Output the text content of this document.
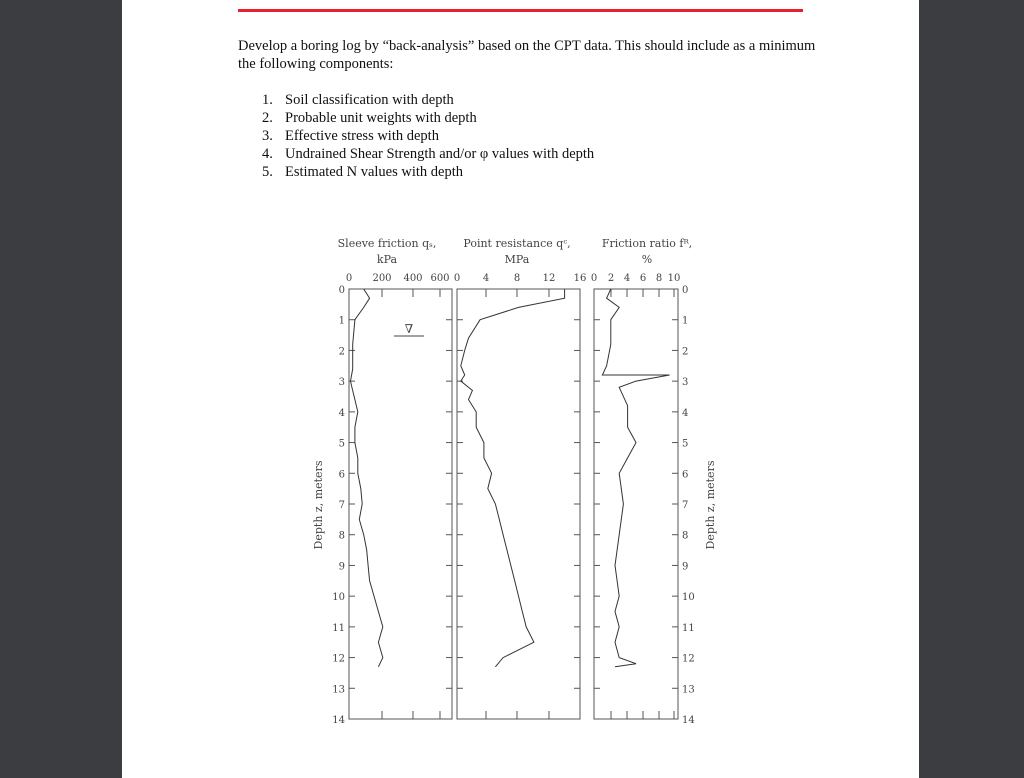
Develop a boring log by “back-analysis” based on the CPT data. This should include as a minimum the following components:

1. Soil classification with depth
2. Probable unit weights with depth
3. Effective stress with depth
4. Undrained Shear Strength and/or φ values with depth
5. Estimated N values with depth
Sleeve friction qₛ,
kPa
Point resistance qᶜ,
MPa
Friction ratio fᴿ,
%
0 200 400 600 0 4 8 12 16 0 2 4 6 8 10
0
1
2
3
4
5
6
7
8
9
10
11
12
13
14
0
1
2
3
4
5
6
7
8
9
10
11
12
13
14
Depth z, meters	Depth z, meters
∇
